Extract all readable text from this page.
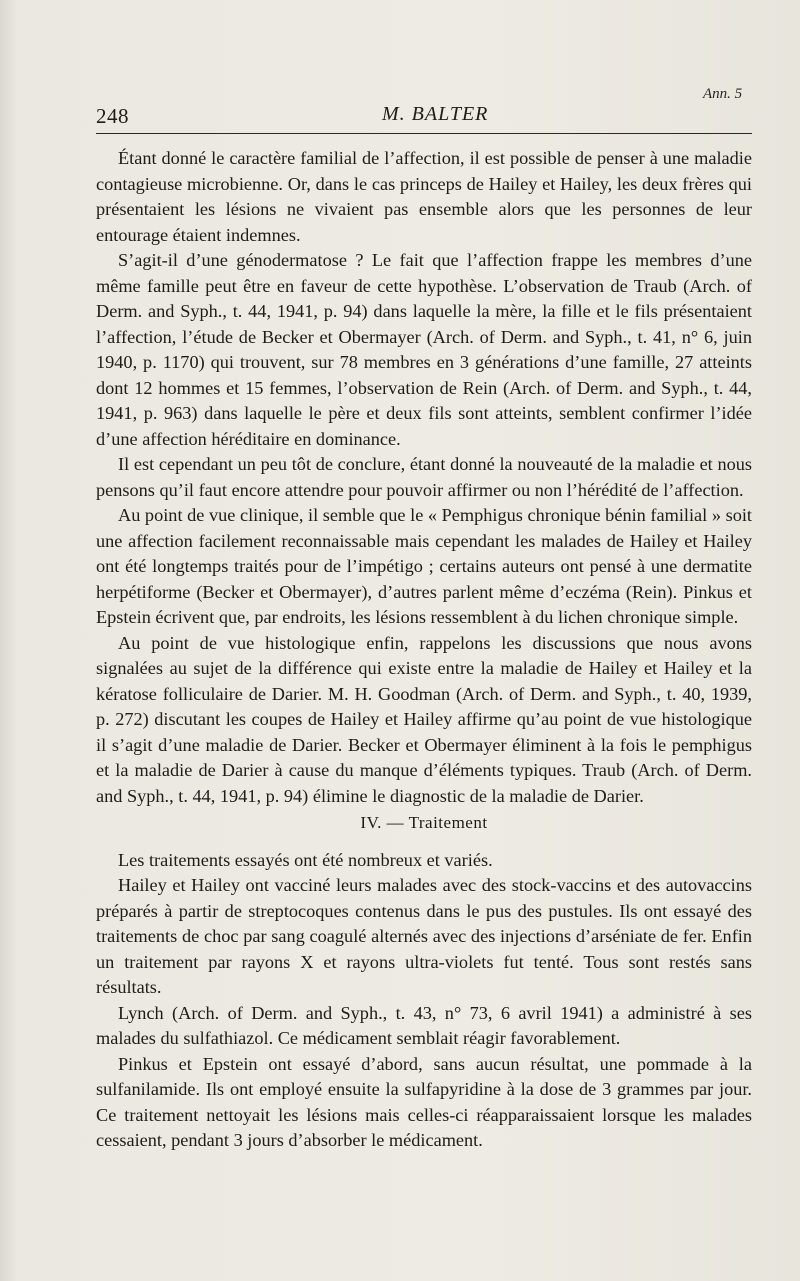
248	M. BALTER
Ann. 5

Étant donné le caractère familial de l’affection, il est possible de penser à une maladie contagieuse microbienne. Or, dans le cas princeps de Hailey et Hailey, les deux frères qui présentaient les lésions ne vivaient pas ensemble alors que les personnes de leur entourage étaient indemnes.

S’agit-il d’une génodermatose ? Le fait que l’affection frappe les membres d’une même famille peut être en faveur de cette hypothèse. L’observation de Traub (Arch. of Derm. and Syph., t. 44, 1941, p. 94) dans laquelle la mère, la fille et le fils présentaient l’affection, l’étude de Becker et Obermayer (Arch. of Derm. and Syph., t. 41, n° 6, juin 1940, p. 1170) qui trouvent, sur 78 membres en 3 générations d’une famille, 27 atteints dont 12 hommes et 15 femmes, l’observation de Rein (Arch. of Derm. and Syph., t. 44, 1941, p. 963) dans laquelle le père et deux fils sont atteints, semblent confirmer l’idée d’une affection héréditaire en dominance.

Il est cependant un peu tôt de conclure, étant donné la nouveauté de la maladie et nous pensons qu’il faut encore attendre pour pouvoir affirmer ou non l’hérédité de l’affection.

Au point de vue clinique, il semble que le « Pemphigus chronique bénin familial » soit une affection facilement reconnaissable mais cependant les malades de Hailey et Hailey ont été longtemps traités pour de l’impétigo ; certains auteurs ont pensé à une dermatite herpétiforme (Becker et Obermayer), d’autres parlent même d’eczéma (Rein). Pinkus et Epstein écrivent que, par endroits, les lésions ressemblent à du lichen chronique simple.

Au point de vue histologique enfin, rappelons les discussions que nous avons signalées au sujet de la différence qui existe entre la maladie de Hailey et Hailey et la kératose folliculaire de Darier. M. H. Goodman (Arch. of Derm. and Syph., t. 40, 1939, p. 272) discutant les coupes de Hailey et Hailey affirme qu’au point de vue histologique il s’agit d’une maladie de Darier. Becker et Obermayer éliminent à la fois le pemphigus et la maladie de Darier à cause du manque d’éléments typiques. Traub (Arch. of Derm. and Syph., t. 44, 1941, p. 94) élimine le diagnostic de la maladie de Darier.

IV. — Traitement

Les traitements essayés ont été nombreux et variés.

Hailey et Hailey ont vacciné leurs malades avec des stock-vaccins et des autovaccins préparés à partir de streptocoques contenus dans le pus des pustules. Ils ont essayé des traitements de choc par sang coagulé alternés avec des injections d’arséniate de fer. Enfin un traitement par rayons X et rayons ultra-violets fut tenté. Tous sont restés sans résultats.

Lynch (Arch. of Derm. and Syph., t. 43, n° 73, 6 avril 1941) a administré à ses malades du sulfathiazol. Ce médicament semblait réagir favorablement.

Pinkus et Epstein ont essayé d’abord, sans aucun résultat, une pommade à la sulfanilamide. Ils ont employé ensuite la sulfapyridine à la dose de 3 grammes par jour. Ce traitement nettoyait les lésions mais celles-ci réapparaissaient lorsque les malades cessaient, pendant 3 jours d’absorber le médicament.
